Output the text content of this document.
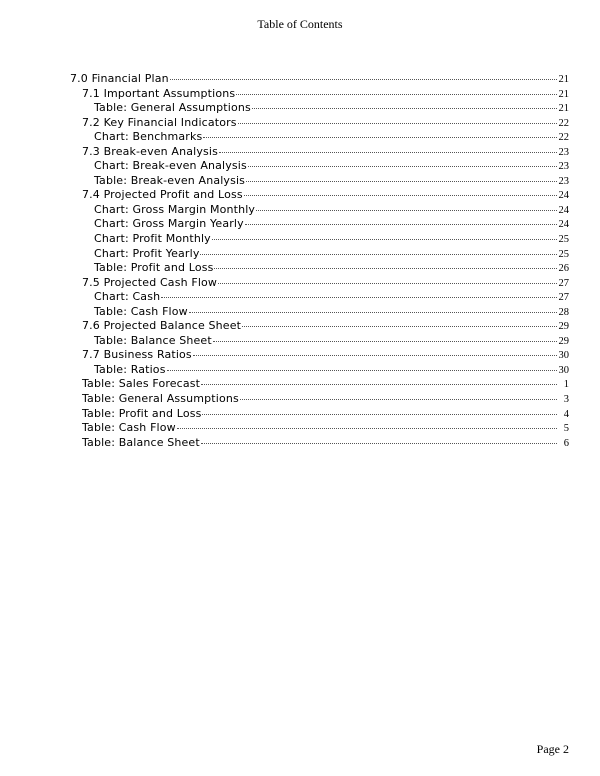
Table of Contents
7.0 Financial Plan	21
7.1 Important Assumptions	21
Table: General Assumptions	21
7.2 Key Financial Indicators	22
Chart: Benchmarks	22
7.3 Break-even Analysis	23
Chart: Break-even Analysis	23
Table: Break-even Analysis	23
7.4 Projected Profit and Loss	24
Chart: Gross Margin Monthly	24
Chart: Gross Margin Yearly	24
Chart: Profit Monthly	25
Chart: Profit Yearly	25
Table: Profit and Loss	26
7.5 Projected Cash Flow	27
Chart: Cash	27
Table: Cash Flow	28
7.6 Projected Balance Sheet	29
Table: Balance Sheet	29
7.7 Business Ratios	30
Table: Ratios	30
Table: Sales Forecast	1
Table: General Assumptions	3
Table: Profit and Loss	4
Table: Cash Flow	5
Table: Balance Sheet	6
Page 2
